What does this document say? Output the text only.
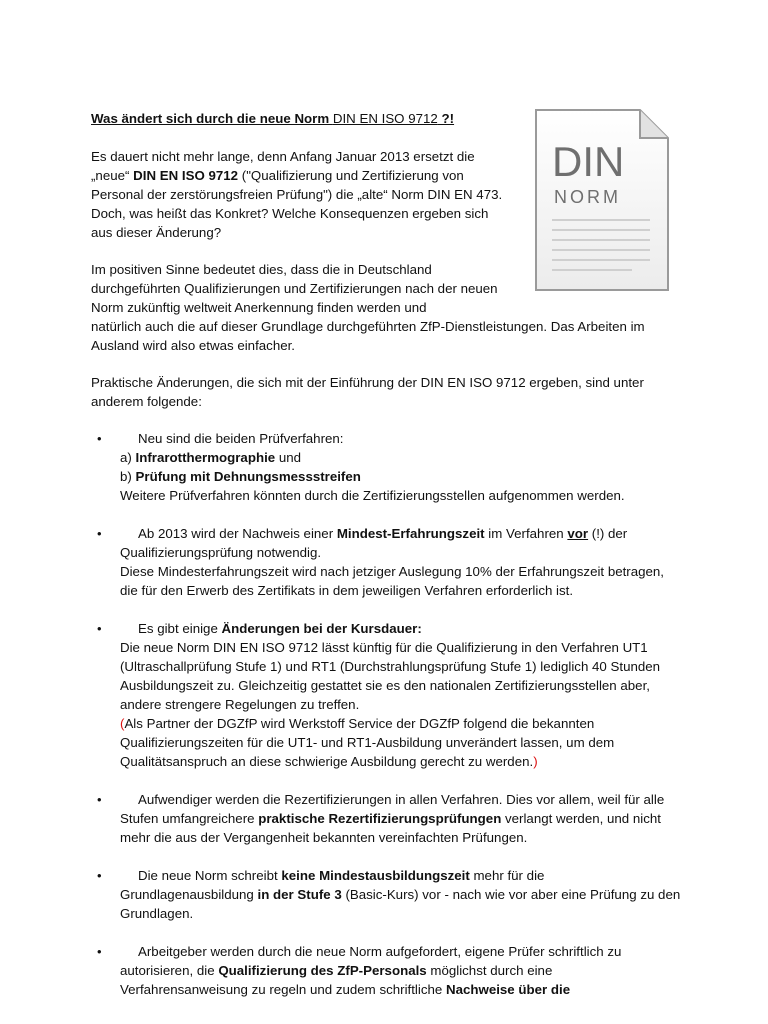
DIN
NORM

Was ändert sich durch die neue Norm DIN EN ISO 9712 ?!

Es dauert nicht mehr lange, denn Anfang Januar 2013 ersetzt die „neue“ DIN EN ISO 9712 ("Qualifizierung und Zertifizierung von Personal der zerstörungsfreien Prüfung") die „alte“ Norm DIN EN 473. Doch, was heißt das Konkret? Welche Konsequenzen ergeben sich aus dieser Änderung?

Im positiven Sinne bedeutet dies, dass die in Deutschland durchgeführten Qualifizierungen und Zertifizierungen nach der neuen Norm zukünftig weltweit Anerkennung finden werden und
natürlich auch die auf dieser Grundlage durchgeführten ZfP-Dienstleistungen. Das Arbeiten im Ausland wird also etwas einfacher.

Praktische Änderungen, die sich mit der Einführung der DIN EN ISO 9712 ergeben, sind unter anderem folgende:

•	Neu sind die beiden Prüfverfahren:
a) Infrarotthermographie und
b) Prüfung mit Dehnungsmessstreifen
Weitere Prüfverfahren könnten durch die Zertifizierungsstellen aufgenommen werden.
•	Ab 2013 wird der Nachweis einer Mindest-Erfahrungszeit im Verfahren vor (!) der Qualifizierungsprüfung notwendig.
Diese Mindesterfahrungszeit wird nach jetziger Auslegung 10% der Erfahrungszeit betragen, die für den Erwerb des Zertifikats in dem jeweiligen Verfahren erforderlich ist.
•	Es gibt einige Änderungen bei der Kursdauer:
Die neue Norm DIN EN ISO 9712 lässt künftig für die Qualifizierung in den Verfahren UT1 (Ultraschallprüfung Stufe 1) und RT1 (Durchstrahlungsprüfung Stufe 1) lediglich 40 Stunden Ausbildungszeit zu. Gleichzeitig gestattet sie es den nationalen Zertifizierungsstellen aber, andere strengere Regelungen zu treffen.
(Als Partner der DGZfP wird Werkstoff Service der DGZfP folgend die bekannten Qualifizierungszeiten für die UT1- und RT1-Ausbildung unverändert lassen, um dem Qualitätsanspruch an diese schwierige Ausbildung gerecht zu werden.)
•	Aufwendiger werden die Rezertifizierungen in allen Verfahren. Dies vor allem, weil für alle Stufen umfangreichere praktische Rezertifizierungsprüfungen verlangt werden, und nicht mehr die aus der Vergangenheit bekannten vereinfachten Prüfungen.
•	Die neue Norm schreibt keine Mindestausbildungszeit mehr für die Grundlagenausbildung in der Stufe 3 (Basic-Kurs) vor - nach wie vor aber eine Prüfung zu den Grundlagen.
•	Arbeitgeber werden durch die neue Norm aufgefordert, eigene Prüfer schriftlich zu autorisieren, die Qualifizierung des ZfP-Personals möglichst durch eine Verfahrensanweisung zu regeln und zudem schriftliche Nachweise über die
